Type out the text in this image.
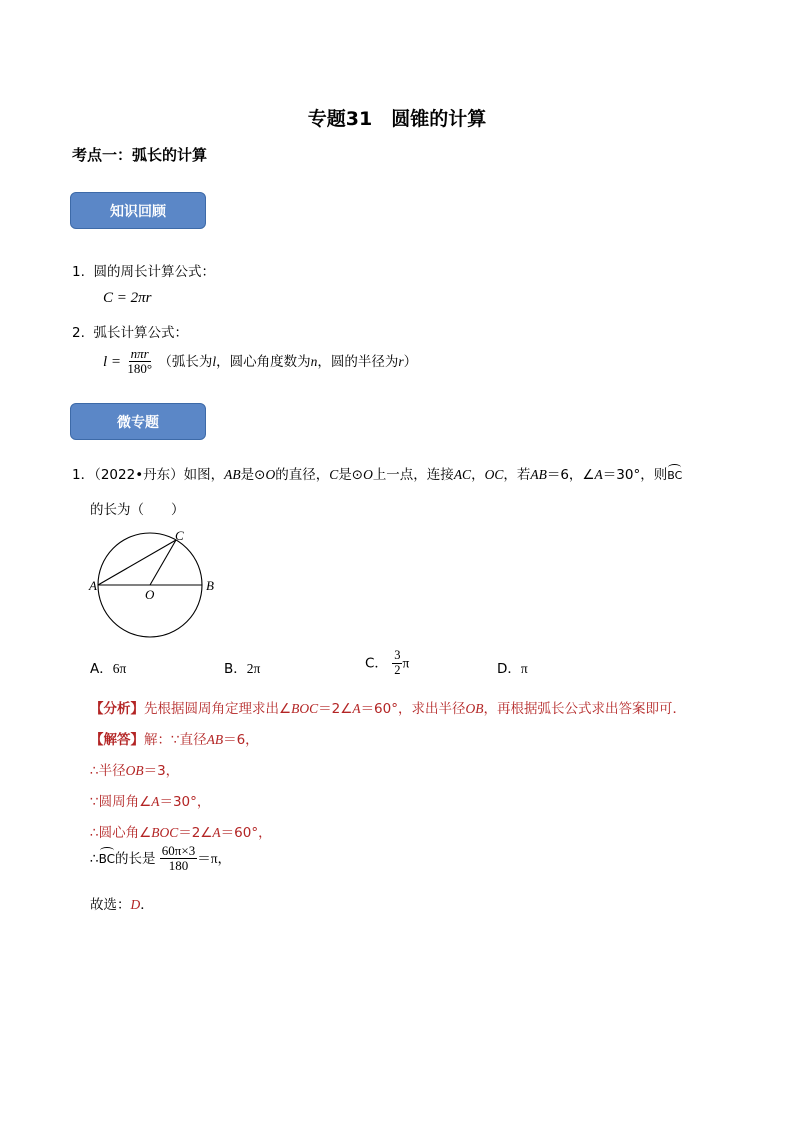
专题31　圆锥的计算
考点一：弧长的计算
知识回顾
1. 圆的周长计算公式：
C = 2πr
2. 弧长计算公式：
$l = \frac{\text{nπr}}{180^\circ}$ （弧长为l，圆心角度数为n，圆的半径为r）
微专题
1．（2022•丹东）如图，AB是⊙O的直径，C是⊙O上一点，连接AC，OC，若AB＝6，∠A＝30°，则BC
的长为（　　）
A	B
C
O
A．6π	B．2π	C． $\frac{3}{2}$ π	D．π
【分析】先根据圆周角定理求出∠BOC＝2∠A＝60°，求出半径OB，再根据弧长公式求出答案即可．
【解答】解：∵直径AB＝6，
∴半径OB＝3，
∵圆周角∠A＝30°，
∴圆心角∠BOC＝2∠A＝60°，
∴BC的长是 $\frac{60\pi\times 3}{180} =\pi$，
故选：D．
